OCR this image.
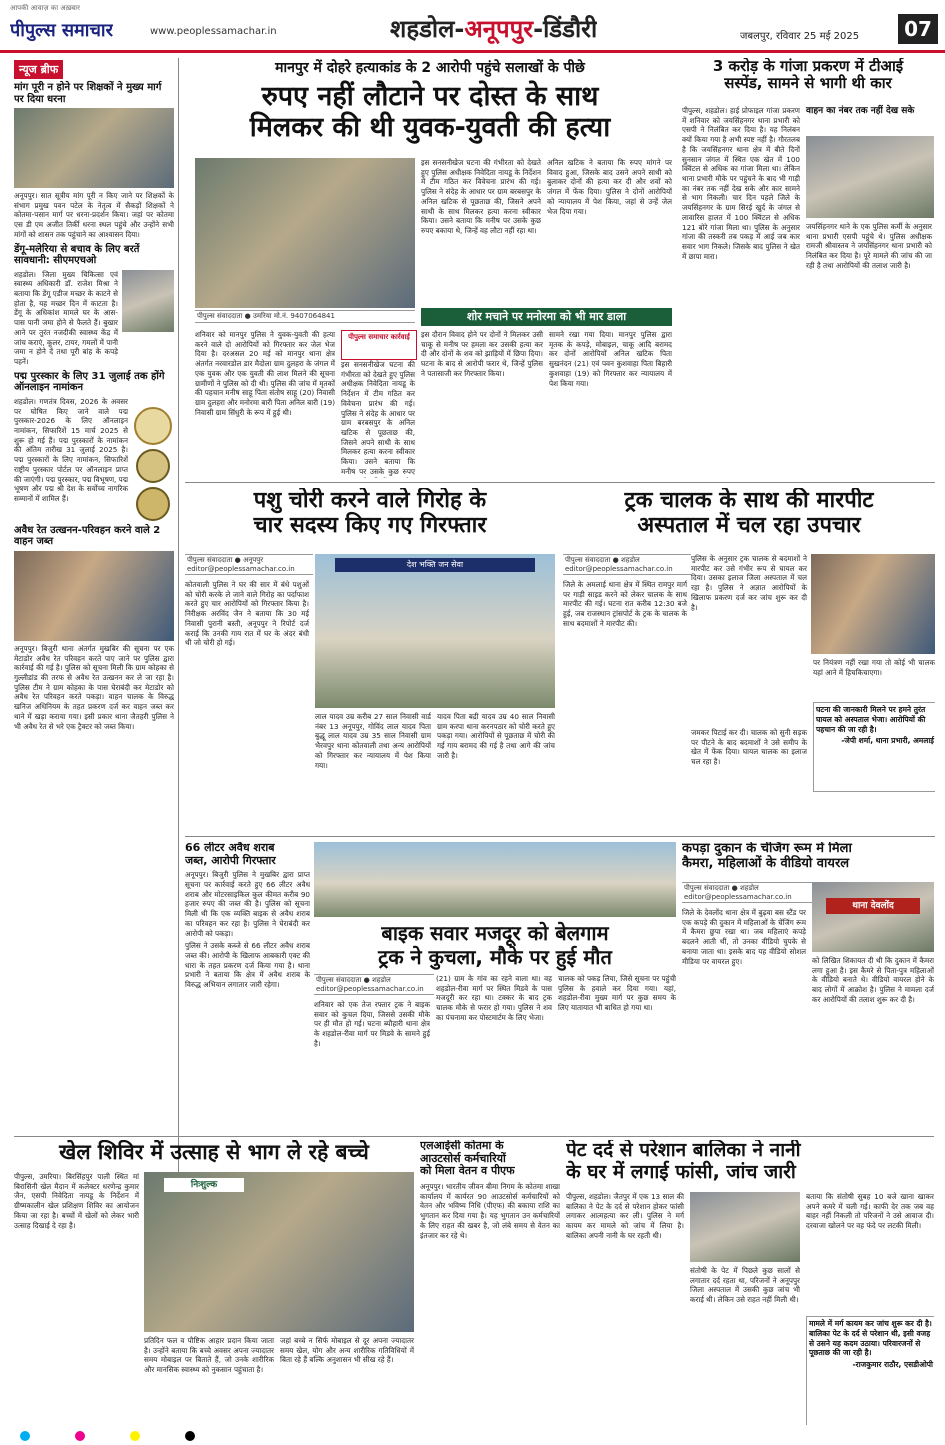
पीपुल्स समाचार
आपकी आवाज़ का अख़बार
www.peoplessamachar.in	शहडोल-अनूपपुर-डिंडौरी	जबलपुर, रविवार 25 मई 2025	07
न्यूज ब्रीफ
मांग पूरी न होने पर शिक्षकों ने मुख्य मार्ग पर दिया धरना
अनूपपुर। सात सूत्रीय मांग पूरी न किए जाने पर शिक्षकों के संभाग प्रमुख पवन पटेल के नेतृत्व में सैकड़ों शिक्षकों ने कोतमा-पसान मार्ग पर धरना-प्रदर्शन किया। जहां पर कोतमा एस डी एम अजीत तिर्की धरना स्थल पहुंचे और उन्होंने सभी मांगों को शासन तक पहुंचाने का आश्वासन दिया।
डेंगू-मलेरिया से बचाव के लिए बरतें सावधानी: सीएमएचओ
शहडोल। जिला मुख्य चिकित्सा एवं स्वास्थ्य अधिकारी डॉ. राजेश मिश्रा ने बताया कि डेंगू एडीज मच्छर के काटने से होता है, यह मच्छर दिन में काटता है। डेंगू के अधिकांश मामले घर के आस-पास पानी जमा होने से फैलते हैं। बुखार आने पर तुरंत नजदीकी स्वास्थ्य केंद्र में जांच कराएं, कूलर, टायर, गमलों में पानी जमा न होने दें तथा पूरी बांह के कपड़े पहनें।
पद्म पुरस्कार के लिए 31 जुलाई तक होंगे ऑनलाइन नामांकन
शहडोल। गणतंत्र दिवस, 2026 के अवसर पर घोषित किए जाने वाले पद्म पुरस्कार-2026 के लिए ऑनलाइन नामांकन, सिफारिशें 15 मार्च 2025 से शुरू हो गई हैं। पद्म पुरस्कारों के नामांकन की अंतिम तारीख 31 जुलाई 2025 है। पद्म पुरस्कारों के लिए नामांकन, सिफारिशें राष्ट्रीय पुरस्कार पोर्टल पर ऑनलाइन प्राप्त की जाएंगी। पद्म पुरस्कार, पद्म विभूषण, पद्म भूषण और पद्म श्री देश के सर्वोच्च नागरिक सम्मानों में शामिल हैं।
अवैध रेत उत्खनन-परिवहन करने वाले 2 वाहन जब्त
अनूपपुर। बिजुरी थाना अंतर्गत मुखबिर की सूचना पर एक मेटाडोर अवैध रेत परिवहन करते पाए जाने पर पुलिस द्वारा कार्रवाई की गई है। पुलिस को सूचना मिली कि ग्राम कोहका से गुल्लीडांड की तरफ से अवैध रेत उत्खनन कर ले जा रहा है। पुलिस टीम ने ग्राम कोहका के पास घेराबंदी कर मेटाडोर को अवैध रेत परिवहन करते पकड़ा। वाहन चालक के विरुद्ध खनिज अधिनियम के तहत प्रकरण दर्ज कर वाहन जब्त कर थाने में खड़ा कराया गया। इसी प्रकार थाना जैतहरी पुलिस ने भी अवैध रेत से भरे एक ट्रैक्टर को जब्त किया।
मानपुर में दोहरे हत्याकांड के 2 आरोपी पहुंचे सलाखों के पीछे
रुपए नहीं लौटाने पर दोस्त के साथ
मिलकर की थी युवक-युवती की हत्या
पीपुल्स संवाददाता ● उमरिया मो.नं. 9407064841
शनिवार को मानपुर पुलिस ने युवक-युवती की हत्या करने वाले दो आरोपियों को गिरफ्तार कर जेल भेज दिया है। दरअसल 20 मई को मानपुर थाना क्षेत्र अंतर्गत नरवारडोल डार मैदोला ग्राम दुलहरा के जंगल में एक युवक और एक युवती की लाश मिलने की सूचना ग्रामीणों ने पुलिस को दी थी। पुलिस की जांच में मृतकों की पहचान मनीष साहू पिता संतोष साहू (20) निवासी ग्राम दुलहरा और मनोरमा बारी पिता अनिल बारी (19) निवासी ग्राम सिंधुरी के रूप में हुई थी।
पीपुल्स समाचार कार्रवाई
इस सनसनीखेज घटना की गंभीरता को देखते हुए पुलिस अधीक्षक निवेदिता नायडू के निर्देशन में टीम गठित कर विवेचना प्रारंभ की गई। पुलिस ने संदेह के आधार पर ग्राम बरबसपुर के अनिल खटिक से पूछताछ की, जिसने अपने साथी के साथ मिलकर हत्या करना स्वीकार किया। उसने बताया कि मनीष पर उसके कुछ रुपए
इस सनसनीखेज घटना की गंभीरता को देखते हुए पुलिस अधीक्षक निवेदिता नायडू के निर्देशन में टीम गठित कर विवेचना प्रारंभ की गई। पुलिस ने संदेह के आधार पर ग्राम बरबसपुर के अनिल खटिक से पूछताछ की, जिसने अपने साथी के साथ मिलकर हत्या करना स्वीकार किया। उसने बताया कि मनीष पर उसके कुछ रुपए बकाया थे, जिन्हें वह लौटा नहीं रहा था।
अनिल खटिक ने बताया कि रुपए मांगने पर विवाद हुआ, जिसके बाद उसने अपने साथी को बुलाकर दोनों की हत्या कर दी और शवों को जंगल में फेंक दिया। पुलिस ने दोनों आरोपियों को न्यायालय में पेश किया, जहां से उन्हें जेल भेज दिया गया।
शोर मचाने पर मनोरमा को भी मार डाला
इस दौरान विवाद होने पर दोनों ने मिलकर उसी चाकू से मनीष पर हमला कर उसकी हत्या कर दी और दोनों के शव को झाड़ियों में छिपा दिया। घटना के बाद से आरोपी फरार थे, जिन्हें पुलिस ने पतासाजी कर गिरफ्तार किया।
सामने रखा गया दिया। मानपुर पुलिस द्वारा मृतक के कपड़े, मोबाइल, चाकू आदि बरामद कर दोनों आरोपियों अनिल खटिक पिता सुखनंदन (21) एवं पवन कुशवाहा पिता बिहारी कुशवाहा (19) को गिरफ्तार कर न्यायालय में पेश किया गया।
3 करोड़ के गांजा प्रकरण में टीआई
सस्पेंड, सामने से भागी थी कार
पीपुल्स, शहडोल। हाई प्रोफाइल गांजा प्रकरण में शनिवार को जयसिंहनगर थाना प्रभारी को एसपी ने निलंबित कर दिया है। यह निलंबन क्यों किया गया है अभी स्पष्ट नहीं है। गौरतलब है कि जयसिंहनगर थाना क्षेत्र में बीते दिनों सुनसान जंगल में स्थित एक खेत में 100 क्विंटल से अधिक का गांजा मिला था। लेकिन थाना प्रभारी मौके पर पहुंचने के बाद भी गाड़ी का नंबर तक नहीं देख सके और कार सामने से भाग निकली। चार दिन पहले जिले के जयसिंहनगर के ग्राम सिरई खुर्द के जंगल से लावारिस हालत में 100 क्विंटल से अधिक 121 बोरे गांजा मिला था। पुलिस के अनुसार गांजा की तस्करी तब पकड़ में आई जब कार सवार भाग निकले। जिसके बाद पुलिस ने खेत में छापा मारा।
वाहन का नंबर तक नहीं देख सके
जयसिंहनगर थाने के एक पुलिस कर्मी के अनुसार थाना प्रभारी एसपी पहुंचे थे। पुलिस अधीक्षक रामजी श्रीवास्तव ने जयसिंहनगर थाना प्रभारी को निलंबित कर दिया है। पूरे मामले की जांच की जा रही है तथा आरोपियों की तलाश जारी है।
पशु चोरी करने वाले गिरोह के
चार सदस्य किए गए गिरफ्तार
पीपुल्स संवाददाता ● अनूपपुर
editor@peoplessamachar.co.in
कोतवाली पुलिस ने घर की सार में बंधे पशुओं को चोरी करके ले जाने वाले गिरोह का पर्दाफाश करते हुए चार आरोपियों को गिरफ्तार किया है। निरीक्षक अरविंद जैन ने बताया कि 30 मई निवासी पुरानी बस्ती, अनूपपुर ने रिपोर्ट दर्ज कराई कि उनकी गाय रात में घर के अंदर बंधी थी जो चोरी हो गई।
देश भक्ति जन सेवा
लाल यादव उम्र करीब 27 साल निवासी वार्ड नंबर 13 अनूपपुर, गोविंद लाल यादव पिता बुद्धू लाल यादव उम्र 35 साल निवासी ग्राम भैरवपुर थाना कोतवाली तथा अन्य आरोपियों को गिरफ्तार कर न्यायालय में पेश किया गया।
यादव पिता बद्री यादव उम्र 40 साल निवासी ग्राम करपा थाना करनपठार को चोरी करते हुए पकड़ा गया। आरोपियों से पूछताछ में चोरी की गई गाय बरामद की गई है तथा आगे की जांच जारी है।
ट्रक चालक के साथ की मारपीट
अस्पताल में चल रहा उपचार
पीपुल्स संवाददाता ● शहडोल
editor@peoplessamachar.co.in
जिले के अमलाई थाना क्षेत्र में स्थित रामपुर मार्ग पर गाड़ी साइड करने को लेकर चालक के साथ मारपीट की गई। घटना रात करीब 12:30 बजे हुई, जब राजस्थान ट्रांसपोर्ट के ट्रक के चालक के साथ बदमाशों ने मारपीट की।
पुलिस के अनुसार ट्रक चालक से बदमाशों ने मारपीट कर उसे गंभीर रूप से घायल कर दिया। उसका इलाज जिला अस्पताल में चल रहा है। पुलिस ने अज्ञात आरोपियों के खिलाफ प्रकरण दर्ज कर जांच शुरू कर दी है।
जमकर पिटाई कर दी। चालक को सुनी सड़क पर पीटने के बाद बदमाशों ने उसे समीप के खेत में फेंक दिया। घायल चालक का इलाज चल रहा है।
पर नियंत्रण नहीं रखा गया तो कोई भी चालक यहां आने में हिचकिचाएगा।
घटना की जानकारी मिलने पर हमने तुरंत घायल को अस्पताल भेजा। आरोपियों की पहचान की जा रही है।
-जेपी शर्मा, थाना प्रभारी, अमलाई
66 लीटर अवैध शराब
जब्त, आरोपी गिरफ्तार
अनूपपुर। बिजुरी पुलिस ने मुखबिर द्वारा प्राप्त सूचना पर कार्रवाई करते हुए 66 लीटर अवैध शराब और मोटरसाइकिल कुल कीमत करीब 90 हजार रुपए की जब्त की है। पुलिस को सूचना मिली थी कि एक व्यक्ति बाइक से अवैध शराब का परिवहन कर रहा है। पुलिस ने घेराबंदी कर आरोपी को पकड़ा।
पुलिस ने उसके कब्जे से 66 लीटर अवैध शराब जब्त की। आरोपी के खिलाफ आबकारी एक्ट की धारा के तहत प्रकरण दर्ज किया गया है। थाना प्रभारी ने बताया कि क्षेत्र में अवैध शराब के विरुद्ध अभियान लगातार जारी रहेगा।
बाइक सवार मजदूर को बेलगाम
ट्रक ने कुचला, मौके पर हुई मौत
पीपुल्स संवाददाता ● शहडोल
editor@peoplessamachar.co.in
शनिवार को एक तेज रफ्तार ट्रक ने बाइक सवार को कुचल दिया, जिससे उसकी मौके पर ही मौत हो गई। घटना ब्यौहारी थाना क्षेत्र के शहडोल-रीवा मार्ग पर मिडवे के सामने हुई है।
(21) ग्राम के गांव का रहने वाला था। वह शहडोल-रीवा मार्ग पर स्थित मिडवे के पास मजदूरी कर रहा था। टक्कर के बाद ट्रक चालक मौके से फरार हो गया। पुलिस ने शव का पंचनामा कर पोस्टमार्टम के लिए भेजा।
चालक को पकड़ लिया, जिसे सूचना पर पहुंची पुलिस के हवाले कर दिया गया। यहां, शहडोल-रीवा मुख्य मार्ग पर कुछ समय के लिए यातायात भी बाधित हो गया था।
कपड़ा दुकान के चेंजिंग रूम में मिला
कैमरा, महिलाओं के वीडियो वायरल
पीपुल्स संवाददाता ● शहडोल
editor@peoplessamachar.co.in
जिले के देवलोंद थाना क्षेत्र में बुढ़वा बस स्टैंड पर एक कपड़े की दुकान में महिलाओं के चेंजिंग रूम में कैमरा छुपा रखा था। जब महिलाएं कपड़े बदलने आती थीं, तो उनका वीडियो चुपके से बनाया जाता था। इसके बाद यह वीडियो सोशल मीडिया पर वायरल हुए।
थाना देवलोंद
को लिखित शिकायत दी थी कि दुकान में कैमरा लगा हुआ है। इस कैमरे से पिता-पुत्र महिलाओं के वीडियो बनाते थे। वीडियो वायरल होने के बाद लोगों में आक्रोश है। पुलिस ने मामला दर्ज कर आरोपियों की तलाश शुरू कर दी है।
खेल शिविर में उत्साह से भाग ले रहे बच्चे
पीपुल्स, उमरिया। बिरसिंहपुर पाली स्थित मां बिरासिनी खेल मैदान में कलेक्टर धरणेन्द्र कुमार जैन, एसपी निवेदिता नायडू के निर्देशन में ग्रीष्मकालीन खेल प्रशिक्षण शिविर का आयोजन किया जा रहा है। बच्चों में खेलों को लेकर भारी उत्साह दिखाई दे रहा है।
निःशुल्क
प्रतिदिन फल व पौष्टिक आहार प्रदान किया जाता है। उन्होंने बताया कि बच्चे अवसर अपना ज्यादातर समय मोबाइल पर बिताते हैं, जो उनके शारीरिक और मानसिक स्वास्थ्य को नुकसान पहुंचाता है।
जहां बच्चे न सिर्फ मोबाइल से दूर अपना ज्यादातर समय खेल, योग और अन्य शारीरिक गतिविधियों में बिता रहे हैं बल्कि अनुशासन भी सीख रहे हैं।
एलआईसी कोतमा के
आउटसोर्स कर्मचारियों
को मिला वेतन व पीएफ
अनूपपुर। भारतीय जीवन बीमा निगम के कोतमा शाखा कार्यालय में कार्यरत 90 आउटसोर्स कर्मचारियों को वेतन और भविष्य निधि (पीएफ) की बकाया राशि का भुगतान कर दिया गया है। यह भुगतान उन कर्मचारियों के लिए राहत की खबर है, जो लंबे समय से वेतन का इंतजार कर रहे थे।
पेट दर्द से परेशान बालिका ने नानी
के घर में लगाई फांसी, जांच जारी
पीपुल्स, शहडोल। जैतपुर में एक 13 साल की बालिका ने पेट के दर्द से परेशान होकर फांसी लगाकर आत्महत्या कर ली। पुलिस ने मर्ग कायम कर मामले को जांच में लिया है। बालिका अपनी नानी के घर रहती थी।
संतोषी के पेट में पिछले कुछ सालों से लगातार दर्द रहता था, परिजनों ने अनूपपुर जिला अस्पताल में उसकी कुछ जांच भी कराई थी। लेकिन उसे राहत नहीं मिली थी।
बताया कि संतोषी सुबह 10 बजे खाना खाकर अपने कमरे में चली गई। काफी देर तक जब वह बाहर नहीं निकली तो परिजनों ने उसे आवाज दी। दरवाजा खोलने पर वह फंदे पर लटकी मिली।
मामले में मर्ग कायम कर जांच शुरू कर दी है। बालिका पेट के दर्द से परेशान थी, इसी वजह से उसने यह कदम उठाया। परिवारजनों से पूछताछ की जा रही है।
-राजकुमार राठौर, एसडीओपी
